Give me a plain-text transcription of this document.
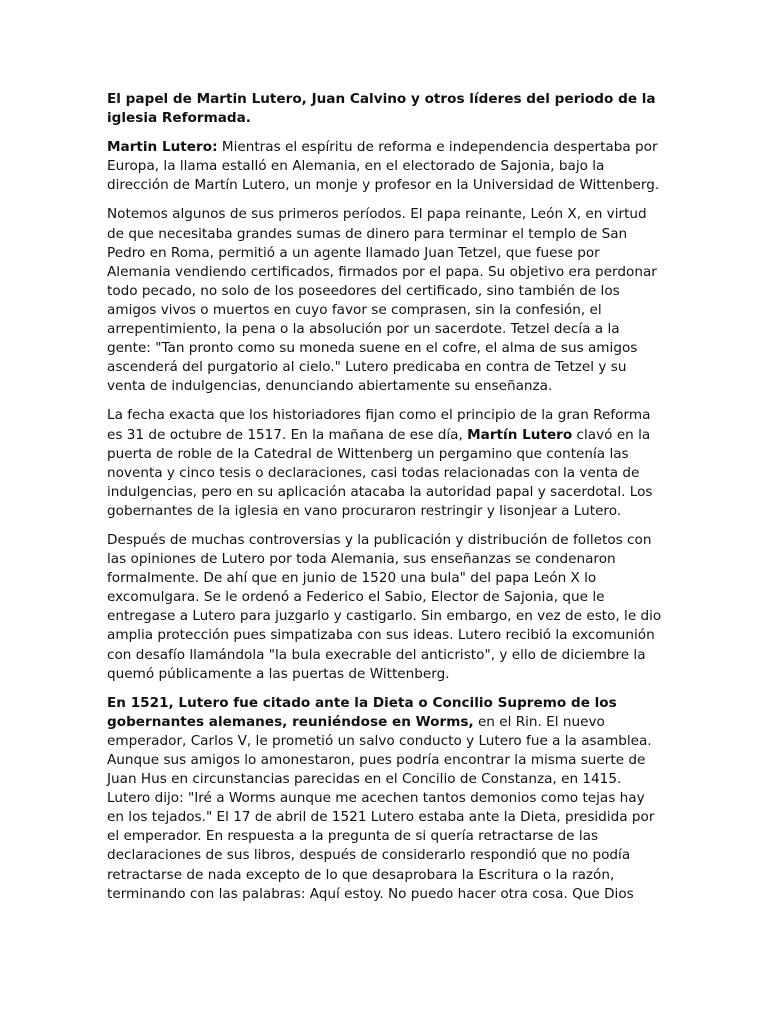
El papel de Martin Lutero, Juan Calvino y otros líderes del periodo de la iglesia Reformada.

Martin Lutero: Mientras el espíritu de reforma e independencia despertaba por Europa, la llama estalló en Alemania, en el electorado de Sajonia, bajo la dirección de Martín Lutero, un monje y profesor en la Universidad de Wittenberg.

Notemos algunos de sus primeros períodos. El papa reinante, León X, en virtud de que necesitaba grandes sumas de dinero para terminar el templo de San Pedro en Roma, permitió a un agente llamado Juan Tetzel, que fuese por Alemania vendiendo certificados, firmados por el papa. Su objetivo era perdonar todo pecado, no solo de los poseedores del certificado, sino también de los amigos vivos o muertos en cuyo favor se comprasen, sin la confesión, el arrepentimiento, la pena o la absolución por un sacerdote. Tetzel decía a la gente: "Tan pronto como su moneda suene en el cofre, el alma de sus amigos ascenderá del purgatorio al cielo." Lutero predicaba en contra de Tetzel y su venta de indulgencias, denunciando abiertamente su enseñanza.

La fecha exacta que los historiadores fijan como el principio de la gran Reforma es 31 de octubre de 1517. En la mañana de ese día, Martín Lutero clavó en la puerta de roble de la Catedral de Wittenberg un pergamino que contenía las noventa y cinco tesis o declaraciones, casi todas relacionadas con la venta de indulgencias, pero en su aplicación atacaba la autoridad papal y sacerdotal. Los gobernantes de la iglesia en vano procuraron restringir y lisonjear a Lutero.

Después de muchas controversias y la publicación y distribución de folletos con las opiniones de Lutero por toda Alemania, sus enseñanzas se condenaron formalmente. De ahí que en junio de 1520 una bula" del papa León X lo excomulgara. Se le ordenó a Federico el Sabio, Elector de Sajonia, que le entregase a Lutero para juzgarlo y castigarlo. Sin embargo, en vez de esto, le dio amplia protección pues simpatizaba con sus ideas. Lutero recibió la excomunión con desafío llamándola "la bula execrable del anticristo", y ello de diciembre la quemó públicamente a las puertas de Wittenberg.

En 1521, Lutero fue citado ante la Dieta o Concilio Supremo de los gobernantes alemanes, reuniéndose en Worms, en el Rin. El nuevo emperador, Carlos V, le prometió un salvo conducto y Lutero fue a la asamblea. Aunque sus amigos lo amonestaron, pues podría encontrar la misma suerte de Juan Hus en circunstancias parecidas en el Concilio de Constanza, en 1415. Lutero dijo: "Iré a Worms aunque me acechen tantos demonios como tejas hay en los tejados." El 17 de abril de 1521 Lutero estaba ante la Dieta, presidida por el emperador. En respuesta a la pregunta de si quería retractarse de las declaraciones de sus libros, después de considerarlo respondió que no podía retractarse de nada excepto de lo que desaprobara la Escritura o la razón, terminando con las palabras: Aquí estoy. No puedo hacer otra cosa. Que Dios
